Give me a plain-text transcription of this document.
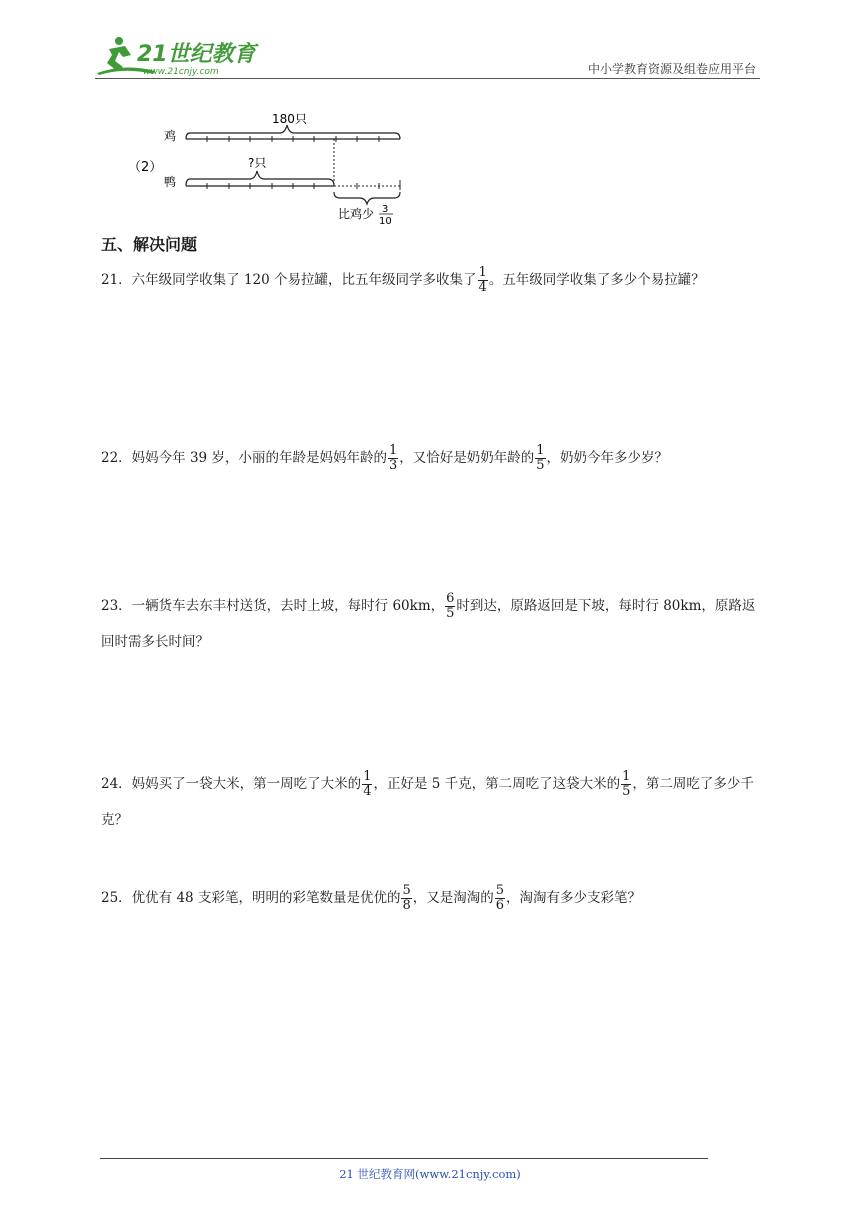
21世纪教育
www.21cnjy.com	中小学教育资源及组卷应用平台
（2）
鸡
鸭
180只
?只
比鸡少 3
10
五、解决问题
21．六年级同学收集了 120 个易拉罐，比五年级同学多收集了 $\frac{1}{4}$ 。五年级同学收集了多少个易拉罐？
22．妈妈今年 39 岁，小丽的年龄是妈妈年龄的 $\frac{1}{3}$ ，又恰好是奶奶年龄的 $\frac{1}{5}$ ，奶奶今年多少岁？
23．一辆货车去东丰村送货，去时上坡，每时行 60km， $\frac{6}{5}$ 时到达，原路返回是下坡，每时行 80km，原路返回时需多长时间？
24．妈妈买了一袋大米，第一周吃了大米的 $\frac{1}{4}$ ，正好是 5 千克，第二周吃了这袋大米的 $\frac{1}{5}$ ，第二周吃了多少千克？
25．优优有 48 支彩笔，明明的彩笔数量是优优的 $\frac{5}{8}$ ，又是淘淘的 $\frac{5}{6}$ ，淘淘有多少支彩笔？
21 世纪教育网(www.21cnjy.com)
